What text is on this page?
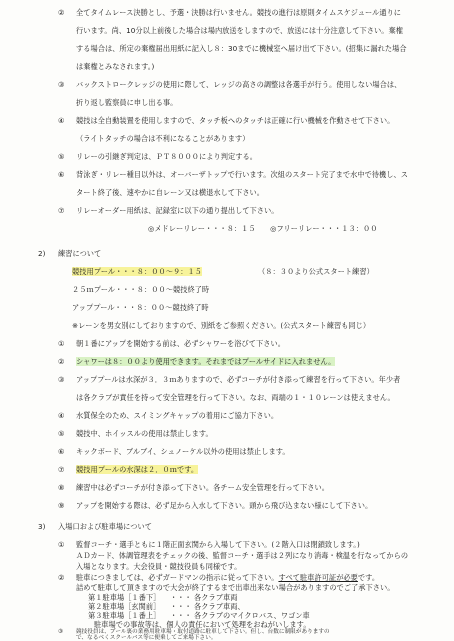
② 全てタイムレース決勝とし、予選・決勝は行いません。競技の進行は原則タイムスケジュール通りに
行います。尚、10分以上前後した場合は場内放送をしますので、放送には十分注意して下さい。棄権
する場合は、所定の棄権届出用紙に記入し８：30までに機械室へ届け出て下さい。(招集に漏れた場合
は棄権とみなされます。)
③ バックストロークレッジの使用に際して、レッジの高さの調整は各選手が行う。使用しない場合は、
折り返し監察員に申し出る事。
④ 競技は全自動装置を使用しますので、タッチ板へのタッチは正確に行い機械を作動させて下さい。
（ライトタッチの場合は不利になることがあります）
⑤ リレーの引継ぎ判定は、ＰＴ８０００により判定する。
⑥ 背泳ぎ・リレー種目以外は、オーバーザトップで行います。次組のスタート完了まで水中で待機し、ス
タート終了後、速やかに自レーン又は横退水して下さい。
⑦ リレーオーダー用紙は、記録室に以下の通り提出して下さい。
◎メドレーリレー・・・８：１５　　◎フリーリレー・・・１３：００
2) 練習について
競技用プール・・・８：００～９：１５	（８：３０より公式スタート練習）
２５ｍプール・・・８：００～競技終了時
アッププール・・・８：００～競技終了時
※レーンを男女別にしておりますので、別紙をご参照ください。(公式スタート練習も同じ）
① 朝１番にアップを開始する前は、必ずシャワーを浴びて下さい。
② シャワーは８：００より使用できます。それまではプールサイドに入れません。
③ アッププールは水深が３．３ｍありますので、必ずコーチが付き添って練習を行って下さい。年少者
は各クラブが責任を持って安全管理を行って下さい。なお、両端の１・１０レーンは使えません。
④ 水質保全のため、スイミングキャップの着用にご協力下さい。
⑤ 競技中、ホイッスルの使用は禁止します。
⑥ キックボード、ブルブイ、シュノーケル以外の使用は禁止します。
⑦ 競技用プールの水深は２．０ｍです。
⑧ 練習中は必ずコーチが付き添って下さい。各チーム安全管理を行って下さい。
⑨ アップを開始する際は、必ず足から入水して下さい。頭から飛び込まない様にして下さい。
3) 入場口および駐車場について
①
② 駐車につきましては、必ずガードマンの指示に従って下さい。すべて駐車許可証が必要です。
詰めて駐車して頂きますので大会が終了するまで出車出来ない場合がありますのでご了承下さい。
第１駐車場［１番下］ ・・・ 各クラブ車両
第２駐車場［玄関前］ ・・・ 各クラブ車両、
第３駐車場［１番上］ ・・・ 各クラブのマイクロバス、ワゴン車
駐車場での事故等は、個人の責任において処理をおねがいします。
監督コーチ・選手ともに１階正面玄関から入場して下さい。(２階入口は閉鎖致します。)
ＡＤカード、体調管理表をチェックの後、監督コーチ・選手は２列になり消毒・検温を行なってからの
入場となります。大会役員・競技役員も同様です。
③ 競技役員は、プール裏の業務用駐車場・取付道路に駐車して下さい。但し、台数に制限がありますの
で、なるべくスクールバス等に便乗してご来場下さい。
